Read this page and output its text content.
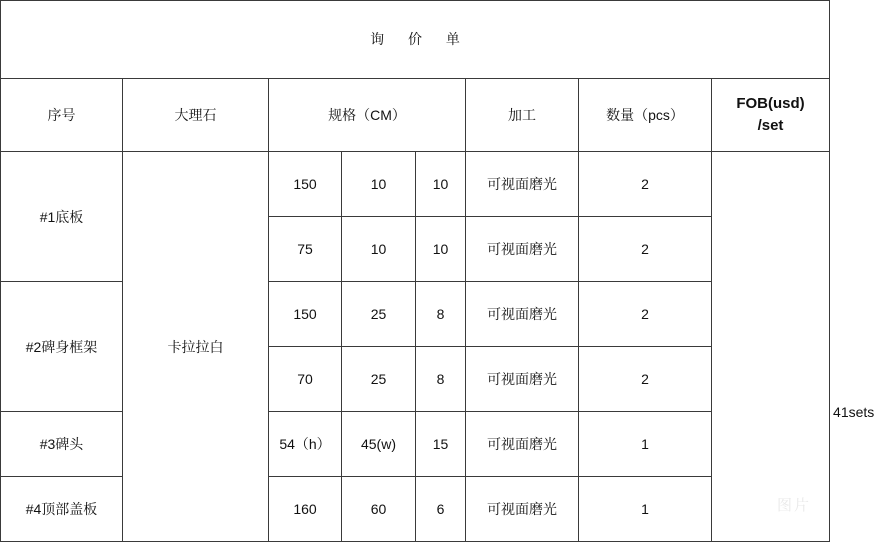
询 价 单								
序号	大理石	规格（CM）			加工	数量（pcs）	FOB(usd)
/set	

#1底板	卡拉拉白	150	10	10	可视面磨光	2	图片	

		75	10	10	可视面磨光	2		
#2碑身框架		150	25	8	可视面磨光	2		41sets
		70	25	8	可视面磨光	2		
#3碑头		54（h）	45(w)	15	可视面磨光	1		
#4顶部盖板		160	60	6	可视面磨光	1		
